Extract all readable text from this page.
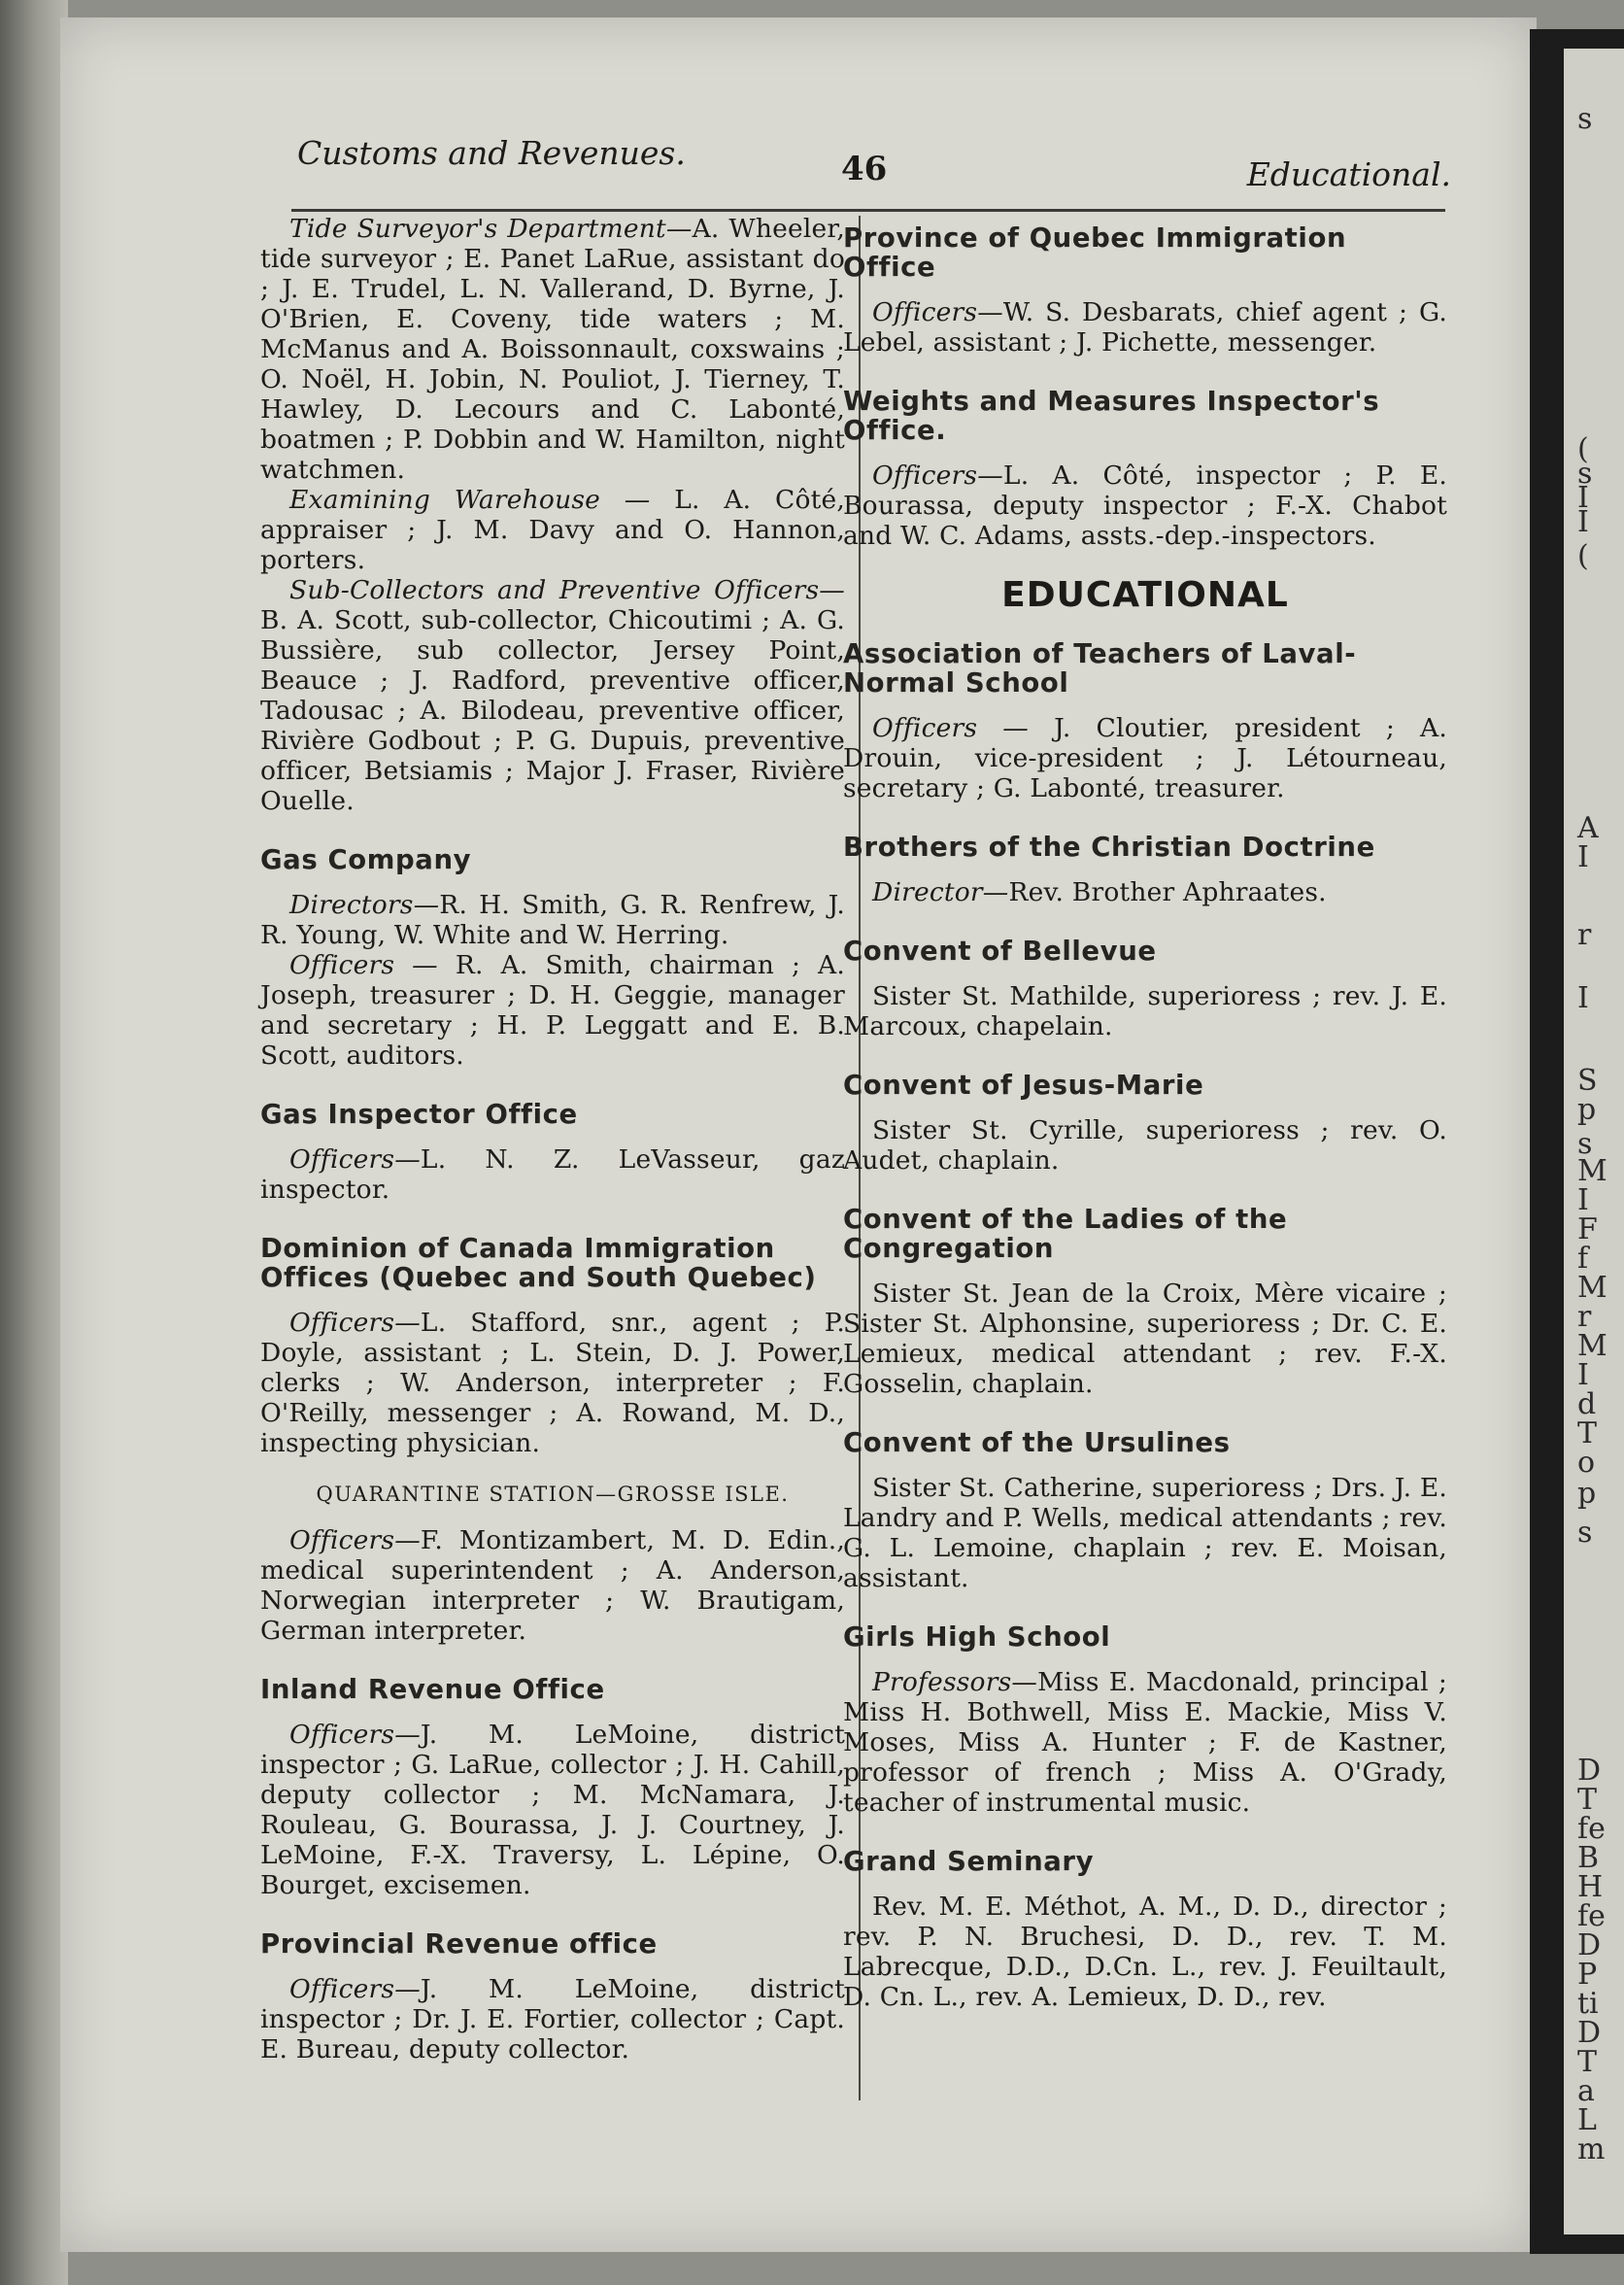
s
(
s
I
I
(
A
I
r
I
S
p
s
M
I
F
f
M
r
M
I
d
T
o
p
s
D
T
fe
B
H
fe
D
P
ti
D
T
a
L
m
Customs and Revenues.	46	Educational.

Tide Surveyor's Department—A. Wheeler, tide surveyor ; E. Panet LaRue, assistant do ; J. E. Trudel, L. N. Vallerand, D. Byrne, J. O'Brien, E. Coveny, tide waters ; M. McManus and A. Boissonnault, coxswains ; O. Noël, H. Jobin, N. Pouliot, J. Tierney, T. Hawley, D. Lecours and C. Labonté, boatmen ; P. Dobbin and W. Hamilton, night watchmen.

Examining Warehouse — L. A. Côté, appraiser ; J. M. Davy and O. Hannon, porters.

Sub-Collectors and Preventive Officers—B. A. Scott, sub-collector, Chicoutimi ; A. G. Bussière, sub collector, Jersey Point, Beauce ; J. Radford, preventive officer, Tadousac ; A. Bilodeau, preventive officer, Rivière Godbout ; P. G. Dupuis, preventive officer, Betsiamis ; Major J. Fraser, Rivière Ouelle.

Gas Company

Directors—R. H. Smith, G. R. Renfrew, J. R. Young, W. White and W. Herring.

Officers — R. A. Smith, chairman ; A. Joseph, treasurer ; D. H. Geggie, manager and secretary ; H. P. Leggatt and E. B. Scott, auditors.

Gas Inspector Office

Officers—L. N. Z. LeVasseur, gaz inspector.

Dominion of Canada Immigration Offices (Quebec and South Quebec)

Officers—L. Stafford, snr., agent ; P. Doyle, assistant ; L. Stein, D. J. Power, clerks ; W. Anderson, interpreter ; F. O'Reilly, messenger ; A. Rowand, M. D., inspecting physician.

QUARANTINE STATION—GROSSE ISLE.

Officers—F. Montizambert, M. D. Edin., medical superintendent ; A. Anderson, Norwegian interpreter ; W. Brautigam, German interpreter.

Inland Revenue Office

Officers—J. M. LeMoine, district inspector ; G. LaRue, collector ; J. H. Cahill, deputy collector ; M. McNamara, J. Rouleau, G. Bourassa, J. J. Courtney, J. LeMoine, F.-X. Traversy, L. Lépine, O. Bourget, excisemen.

Provincial Revenue office

Officers—J. M. LeMoine, district inspector ; Dr. J. E. Fortier, collector ; Capt. E. Bureau, deputy collector.

Province of Quebec Immigration Office

Officers—W. S. Desbarats, chief agent ; G. Lebel, assistant ; J. Pichette, messenger.

Weights and Measures Inspector's Office.

Officers—L. A. Côté, inspector ; P. E. Bourassa, deputy inspector ; F.-X. Chabot and W. C. Adams, assts.-dep.-inspectors.

EDUCATIONAL
Association of Teachers of Laval-Normal School

Officers — J. Cloutier, president ; A. Drouin, vice-president ; J. Létourneau, secretary ; G. Labonté, treasurer.

Brothers of the Christian Doctrine

Director—Rev. Brother Aphraates.

Convent of Bellevue

Sister St. Mathilde, superioress ; rev. J. E. Marcoux, chapelain.

Convent of Jesus-Marie

Sister St. Cyrille, superioress ; rev. O. Audet, chaplain.

Convent of the Ladies of the Congregation

Sister St. Jean de la Croix, Mère vicaire ; Sister St. Alphonsine, superioress ; Dr. C. E. Lemieux, medical attendant ; rev. F.-X. Gosselin, chaplain.

Convent of the Ursulines

Sister St. Catherine, superioress ; Drs. J. E. Landry and P. Wells, medical attendants ; rev. G. L. Lemoine, chaplain ; rev. E. Moisan, assistant.

Girls High School

Professors—Miss E. Macdonald, principal ; Miss H. Bothwell, Miss E. Mackie, Miss V. Moses, Miss A. Hunter ; F. de Kastner, professor of french ; Miss A. O'Grady, teacher of instrumental music.

Grand Seminary

Rev. M. E. Méthot, A. M., D. D., director ; rev. P. N. Bruchesi, D. D., rev. T. M. Labrecque, D.D., D.Cn. L., rev. J. Feuiltault, D. Cn. L., rev. A. Lemieux, D. D., rev.
